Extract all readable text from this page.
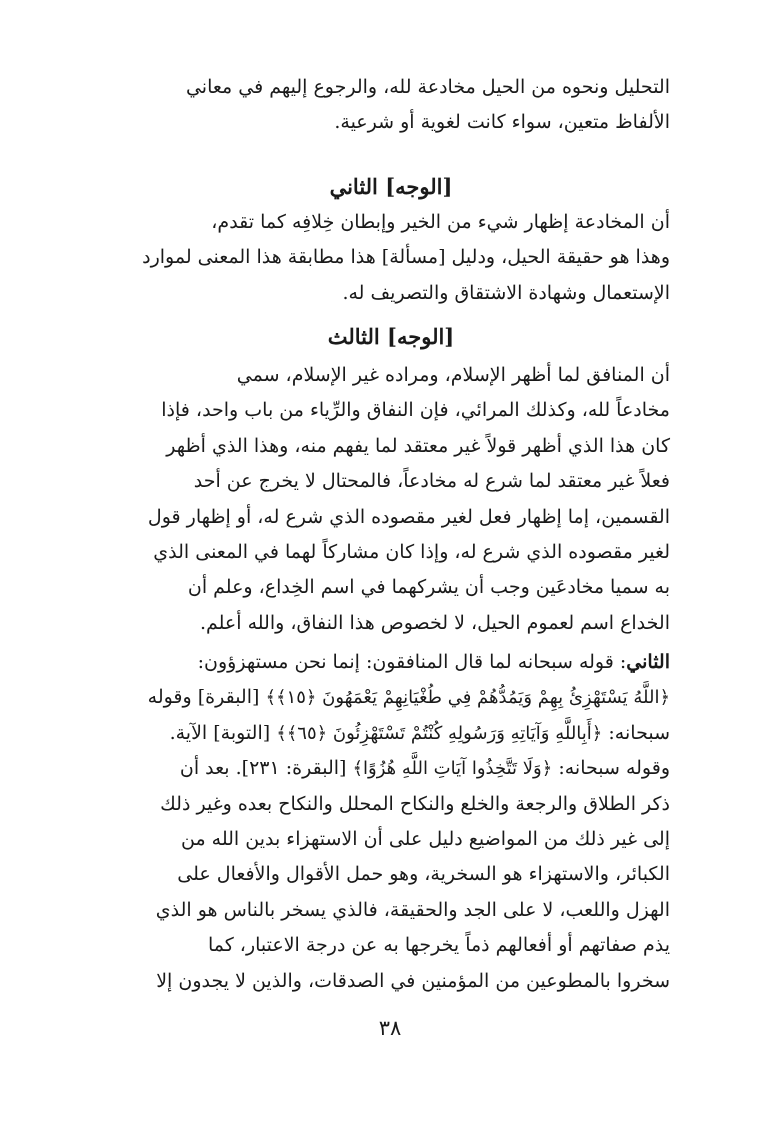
التحليل ونحوه من الحيل مخادعة لله، والرجوع إليهم في معاني

الألفاظ متعين، سواء كانت لغوية أو شرعية.

[الوجه] الثاني

أن المخادعة إظهار شيء من الخير وإبطان خِلافِه كما تقدم،

وهذا هو حقيقة الحيل، ودليل [مسألة] هذا مطابقة هذا المعنى لموارد

الإستعمال وشهادة الاشتقاق والتصريف له.

[الوجه] الثالث

أن المنافق لما أظهر الإسلام، ومراده غير الإسلام، سمي

مخادعاً لله، وكذلك المرائي، فإن النفاق والرِّياء من باب واحد، فإذا

كان هذا الذي أظهر قولاً غير معتقد لما يفهم منه، وهذا الذي أظهر

فعلاً غير معتقد لما شرع له مخادعاً، فالمحتال لا يخرج عن أحد

القسمين، إما إظهار فعل لغير مقصوده الذي شرع له، أو إظهار قول

لغير مقصوده الذي شرع له، وإذا كان مشاركاً لهما في المعنى الذي

به سميا مخادعَين وجب أن يشركهما في اسم الخِداع، وعلم أن

الخداع اسم لعموم الحيل، لا لخصوص هذا النفاق، والله أعلم.

الثاني: قوله سبحانه لما قال المنافقون: إنما نحن مستهزؤون:

﴿اللَّهُ يَسْتَهْزِئُ بِهِمْ وَيَمُدُّهُمْ فِي طُغْيَانِهِمْ يَعْمَهُونَ ﴿١٥﴾﴾ [البقرة] وقوله

سبحانه: ﴿أَبِاللَّهِ وَآيَاتِهِ وَرَسُولِهِ كُنْتُمْ تَسْتَهْزِئُونَ ﴿٦٥﴾﴾ [التوبة] الآية.

وقوله سبحانه: ﴿وَلَا تَتَّخِذُوا آيَاتِ اللَّهِ هُزُوًا﴾ [البقرة: ٢٣١]. بعد أن

ذكر الطلاق والرجعة والخلع والنكاح المحلل والنكاح بعده وغير ذلك

إلى غير ذلك من المواضيع دليل على أن الاستهزاء بدين الله من

الكبائر، والاستهزاء هو السخرية، وهو حمل الأقوال والأفعال على

الهزل واللعب، لا على الجد والحقيقة، فالذي يسخر بالناس هو الذي

يذم صفاتهم أو أفعالهم ذماً يخرجها به عن درجة الاعتبار، كما

سخروا بالمطوعين من المؤمنين في الصدقات، والذين لا يجدون إلا

٣٨
